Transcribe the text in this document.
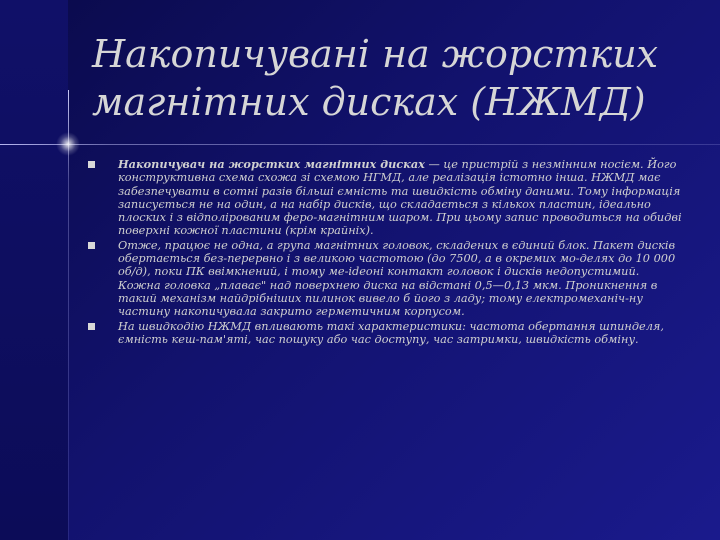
Накопичувані на жорстких магнітних дисках (НЖМД)
Накопичувач на жорстких магнітних дисках — це пристрій з незмінним носієм. Його конструктивна схема схожа зі схемою НГМД, але реалізація істотно інша. НЖМД має забезпечувати в сотні разів більші ємність та швидкість обміну даними. Тому інформація записується не на один, а на набір дисків, що складається з кількох пластин, ідеально плоских і з відпoлірованим феро-магнітним шаром. При цьому запис проводиться на обидві поверхні кожної пластини (крім крайніх).
Отже, працює не одна, а група магнітних головок, складених в єдиний блок. Пакет дисків обертається без-перервно і з великою частотою (до 7500, а в окремих мо-делях до 10 000 об/д), поки ПК ввімкнений, і тому ме-іdeоні контакт головок і дисків недопустимий. Кожна головка „плаває" над поверхнею диска на відстані 0,5—0,13 мкм. Проникнення в такий механізм найдрібніших пилинок вивело б його з ладу; тому електромеханіч-ну частину накопичувала закрито герметичним корпусом.
На швидкодію НЖМД впливають такі характеристики: частота обертання шпинделя, ємність кеш-пам'яті, час пошуку або час доступу, час затримки, швидкість обміну.
